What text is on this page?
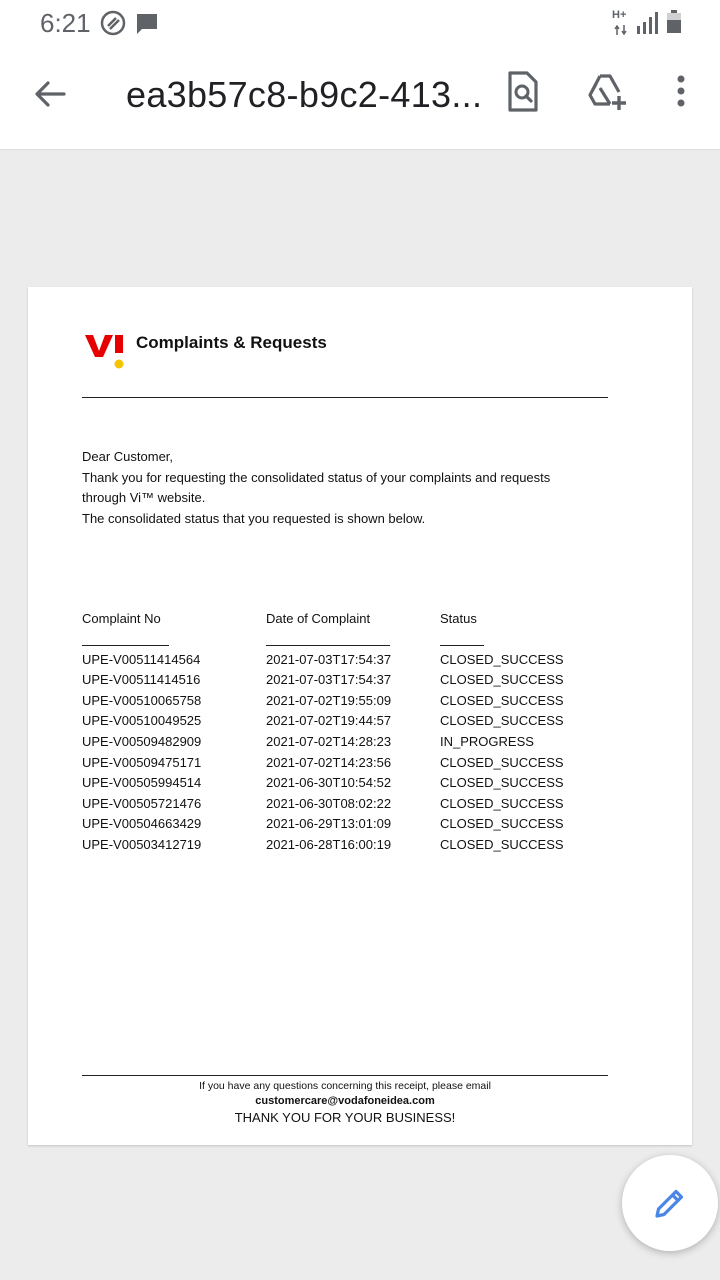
6:21	H+
ea3b57c8-b9c2-413...
Complaints & Requests
Dear Customer,
Thank you for requesting the consolidated status of your complaints and requests
through Vi™ website.
The consolidated status that you requested is shown below.
Complaint No	Date of Complaint	Status
UPE-V00511414564	2021-07-03T17:54:37	CLOSED_SUCCESS
UPE-V00511414516	2021-07-03T17:54:37	CLOSED_SUCCESS
UPE-V00510065758	2021-07-02T19:55:09	CLOSED_SUCCESS
UPE-V00510049525	2021-07-02T19:44:57	CLOSED_SUCCESS
UPE-V00509482909	2021-07-02T14:28:23	IN_PROGRESS
UPE-V00509475171	2021-07-02T14:23:56	CLOSED_SUCCESS
UPE-V00505994514	2021-06-30T10:54:52	CLOSED_SUCCESS
UPE-V00505721476	2021-06-30T08:02:22	CLOSED_SUCCESS
UPE-V00504663429	2021-06-29T13:01:09	CLOSED_SUCCESS
UPE-V00503412719	2021-06-28T16:00:19	CLOSED_SUCCESS
If you have any questions concerning this receipt, please email
customercare@vodafoneidea.com
THANK YOU FOR YOUR BUSINESS!
